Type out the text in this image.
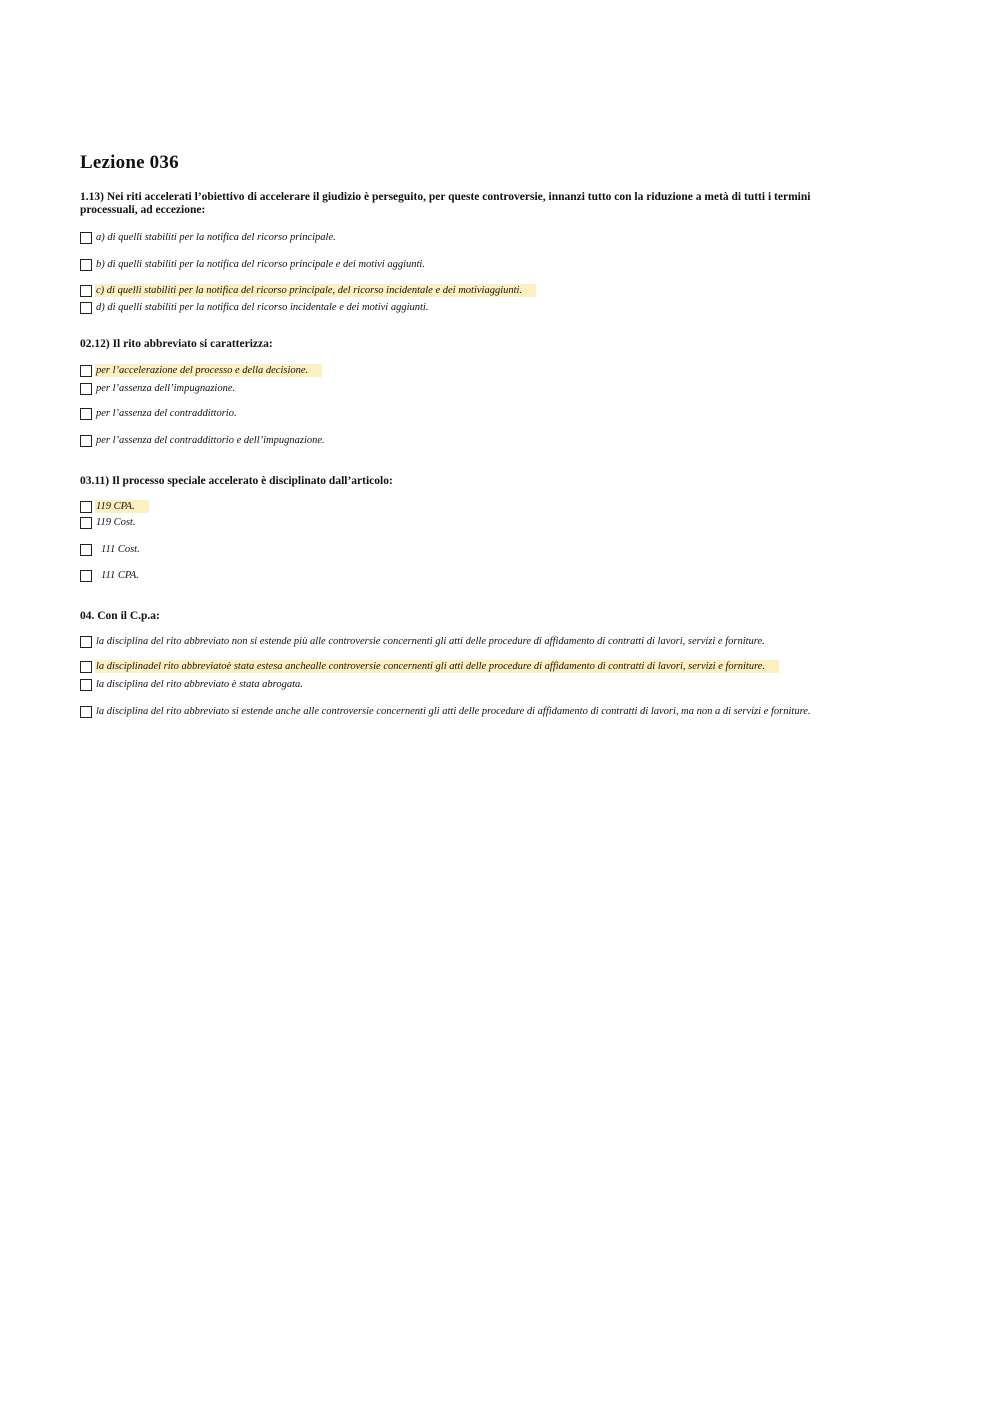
Lezione 036

1.13) Nei riti accelerati l’obiettivo di accelerare il giudizio è perseguito, per queste controversie, innanzi tutto con la riduzione a metà di tutti i termini processuali, ad eccezione:

a) di quelli stabiliti per la notifica del ricorso principale.
b) di quelli stabiliti per la notifica del ricorso principale e dei motivi aggiunti.
c) di quelli stabiliti per la notifica del ricorso principale, del ricorso incidentale e dei motiviaggiunti.
d) di quelli stabiliti per la notifica del ricorso incidentale e dei motivi aggiunti.

02.12) Il rito abbreviato si caratterizza:

per l’accelerazione del processo e della decisione.
per l’assenza dell’impugnazione.
per l’assenza del contraddittorio.
per l’assenza del contraddittorio e dell’impugnazione.

03.11) Il processo speciale accelerato è disciplinato dall’articolo:

119 CPA.
119 Cost.
111 Cost.
111 CPA.

04. Con il C.p.a:

la disciplina del rito abbreviato non si estende più alle controversie concernenti gli atti delle procedure di affidamento di contratti di lavori, servizi e forniture.
la disciplinadel rito abbreviatoè stata estesa anchealle controversie concernenti gli atti delle procedure di affidamento di contratti di lavori, servizi e forniture.
la disciplina del rito abbreviato è stata abrogata.
la disciplina del rito abbreviato si estende anche alle controversie concernenti gli atti delle procedure di affidamento di contratti di lavori, ma non a di servizi e forniture.
